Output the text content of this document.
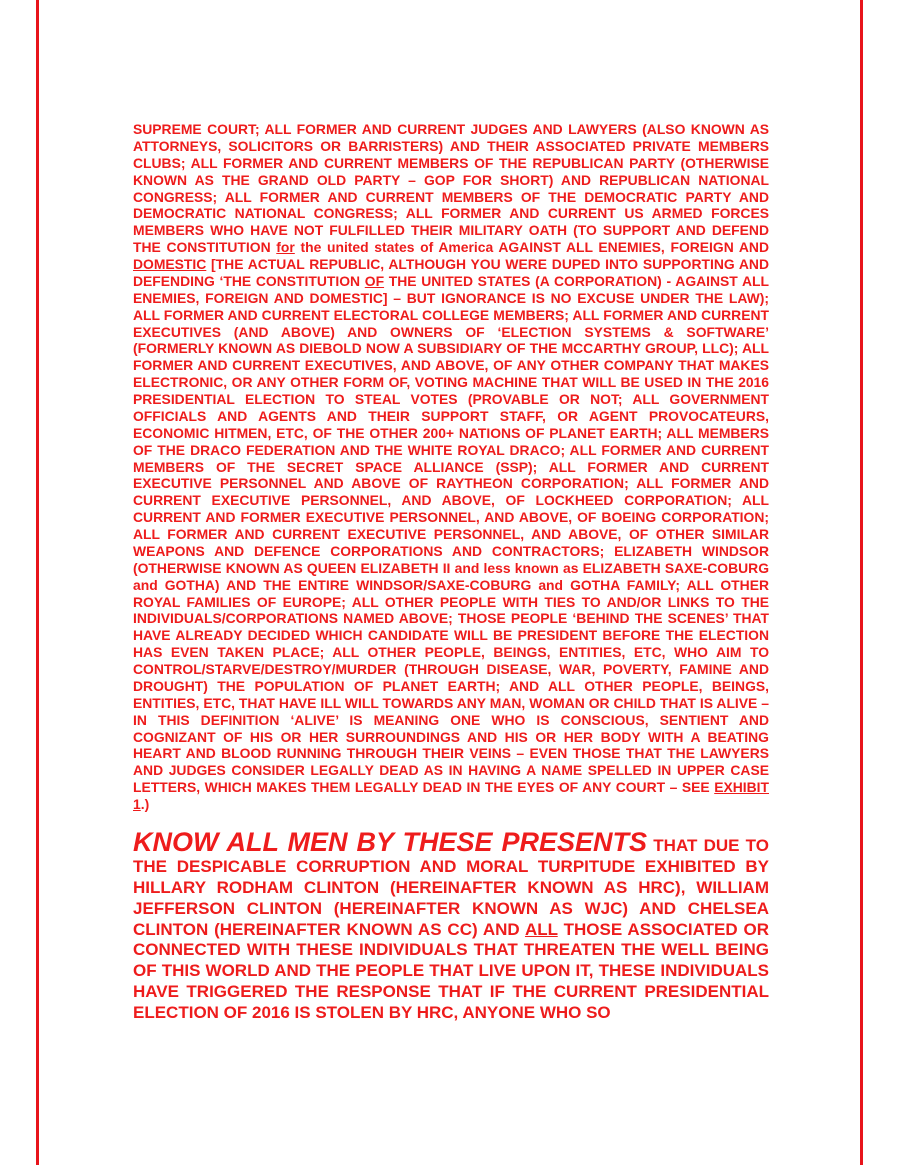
SUPREME COURT; ALL FORMER AND CURRENT JUDGES AND LAWYERS (ALSO KNOWN AS ATTORNEYS, SOLICITORS OR BARRISTERS) AND THEIR ASSOCIATED PRIVATE MEMBERS CLUBS; ALL FORMER AND CURRENT MEMBERS OF THE REPUBLICAN PARTY (OTHERWISE KNOWN AS THE GRAND OLD PARTY – GOP FOR SHORT) AND REPUBLICAN NATIONAL CONGRESS; ALL FORMER AND CURRENT MEMBERS OF THE DEMOCRATIC PARTY AND DEMOCRATIC NATIONAL CONGRESS; ALL FORMER AND CURRENT US ARMED FORCES MEMBERS WHO HAVE NOT FULFILLED THEIR MILITARY OATH (TO SUPPORT AND DEFEND THE CONSTITUTION for the united states of America AGAINST ALL ENEMIES, FOREIGN AND DOMESTIC [THE ACTUAL REPUBLIC, ALTHOUGH YOU WERE DUPED INTO SUPPORTING AND DEFENDING ‘THE CONSTITUTION OF THE UNITED STATES (A CORPORATION) - AGAINST ALL ENEMIES, FOREIGN AND DOMESTIC] – BUT IGNORANCE IS NO EXCUSE UNDER THE LAW); ALL FORMER AND CURRENT ELECTORAL COLLEGE MEMBERS; ALL FORMER AND CURRENT EXECUTIVES (AND ABOVE) AND OWNERS OF ‘ELECTION SYSTEMS & SOFTWARE’ (FORMERLY KNOWN AS DIEBOLD NOW A SUBSIDIARY OF THE MCCARTHY GROUP, LLC); ALL FORMER AND CURRENT EXECUTIVES, AND ABOVE, OF ANY OTHER COMPANY THAT MAKES ELECTRONIC, OR ANY OTHER FORM OF, VOTING MACHINE THAT WILL BE USED IN THE 2016 PRESIDENTIAL ELECTION TO STEAL VOTES (PROVABLE OR NOT; ALL GOVERNMENT OFFICIALS AND AGENTS AND THEIR SUPPORT STAFF, OR AGENT PROVOCATEURS, ECONOMIC HITMEN, ETC, OF THE OTHER 200+ NATIONS OF PLANET EARTH; ALL MEMBERS OF THE DRACO FEDERATION AND THE WHITE ROYAL DRACO; ALL FORMER AND CURRENT MEMBERS OF THE SECRET SPACE ALLIANCE (SSP); ALL FORMER AND CURRENT EXECUTIVE PERSONNEL AND ABOVE OF RAYTHEON CORPORATION; ALL FORMER AND CURRENT EXECUTIVE PERSONNEL, AND ABOVE, OF LOCKHEED CORPORATION; ALL CURRENT AND FORMER EXECUTIVE PERSONNEL, AND ABOVE, OF BOEING CORPORATION; ALL FORMER AND CURRENT EXECUTIVE PERSONNEL, AND ABOVE, OF OTHER SIMILAR WEAPONS AND DEFENCE CORPORATIONS AND CONTRACTORS; ELIZABETH WINDSOR (OTHERWISE KNOWN AS QUEEN ELIZABETH II and less known as ELIZABETH SAXE-COBURG and GOTHA) AND THE ENTIRE WINDSOR/SAXE-COBURG and GOTHA FAMILY; ALL OTHER ROYAL FAMILIES OF EUROPE; ALL OTHER PEOPLE WITH TIES TO AND/OR LINKS TO THE INDIVIDUALS/CORPORATIONS NAMED ABOVE; THOSE PEOPLE ‘BEHIND THE SCENES’ THAT HAVE ALREADY DECIDED WHICH CANDIDATE WILL BE PRESIDENT BEFORE THE ELECTION HAS EVEN TAKEN PLACE; ALL OTHER PEOPLE, BEINGS, ENTITIES, ETC, WHO AIM TO CONTROL/STARVE/DESTROY/MURDER (THROUGH DISEASE, WAR, POVERTY, FAMINE AND DROUGHT) THE POPULATION OF PLANET EARTH; AND ALL OTHER PEOPLE, BEINGS, ENTITIES, ETC, THAT HAVE ILL WILL TOWARDS ANY MAN, WOMAN OR CHILD THAT IS ALIVE – IN THIS DEFINITION ‘ALIVE’ IS MEANING ONE WHO IS CONSCIOUS, SENTIENT AND COGNIZANT OF HIS OR HER SURROUNDINGS AND HIS OR HER BODY WITH A BEATING HEART AND BLOOD RUNNING THROUGH THEIR VEINS – EVEN THOSE THAT THE LAWYERS AND JUDGES CONSIDER LEGALLY DEAD AS IN HAVING A NAME SPELLED IN UPPER CASE LETTERS, WHICH MAKES THEM LEGALLY DEAD IN THE EYES OF ANY COURT – SEE EXHIBIT 1.)

KNOW ALL MEN BY THESE PRESENTS THAT DUE TO THE DESPICABLE CORRUPTION AND MORAL TURPITUDE EXHIBITED BY HILLARY RODHAM CLINTON (HEREINAFTER KNOWN AS HRC), WILLIAM JEFFERSON CLINTON (HEREINAFTER KNOWN AS WJC) AND CHELSEA CLINTON (HEREINAFTER KNOWN AS CC) AND ALL THOSE ASSOCIATED OR CONNECTED WITH THESE INDIVIDUALS THAT THREATEN THE WELL BEING OF THIS WORLD AND THE PEOPLE THAT LIVE UPON IT, THESE INDIVIDUALS HAVE TRIGGERED THE RESPONSE THAT IF THE CURRENT PRESIDENTIAL ELECTION OF 2016 IS STOLEN BY HRC, ANYONE WHO SO
